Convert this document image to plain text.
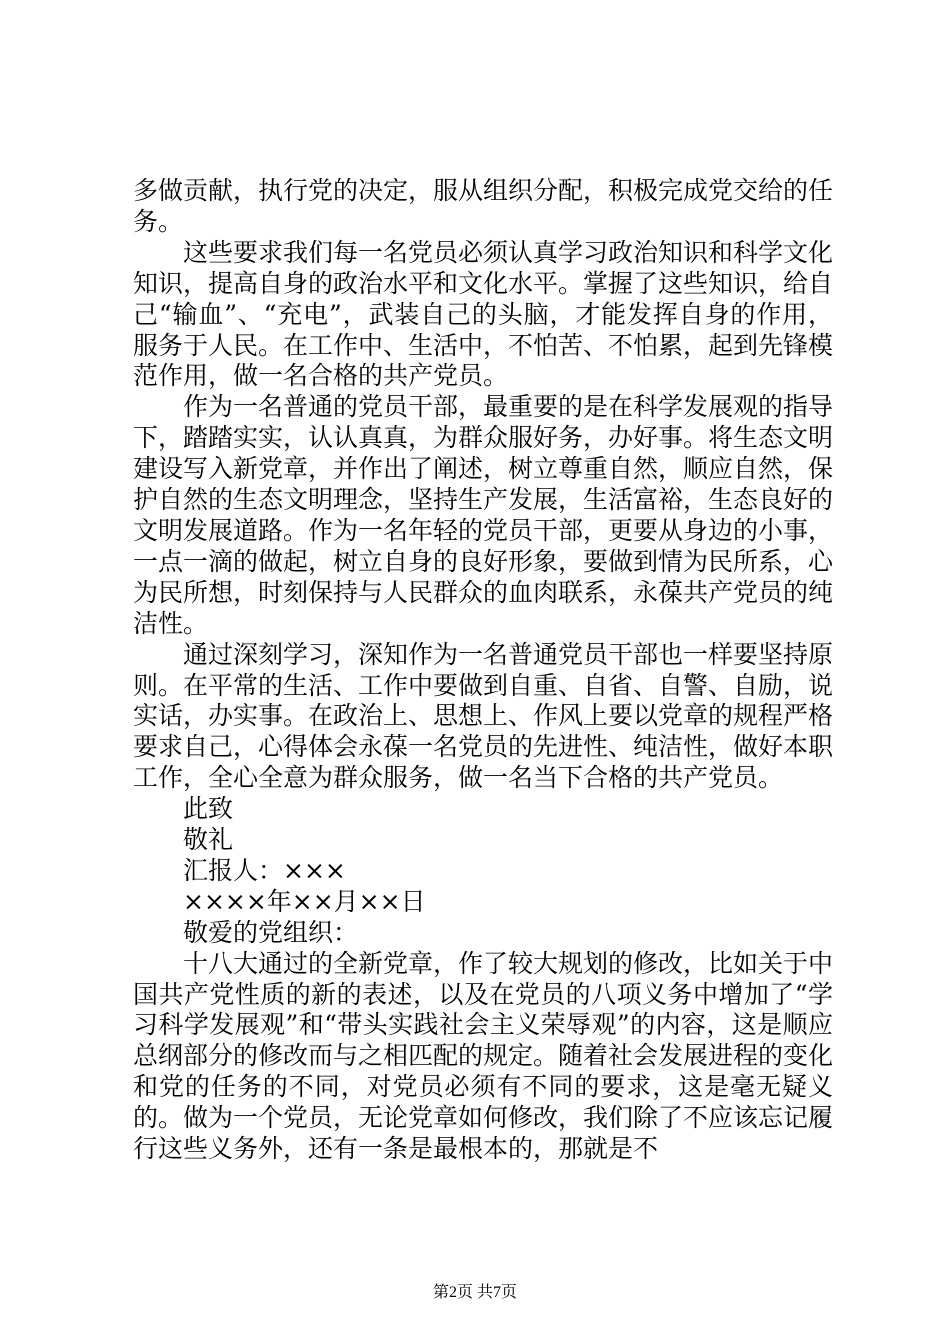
多做贡献，执行党的决定，服从组织分配，积极完成党交给的任务。

这些要求我们每一名党员必须认真学习政治知识和科学文化知识，提高自身的政治水平和文化水平。掌握了这些知识，给自己“输血”、“充电”，武装自己的头脑，才能发挥自身的作用，服务于人民。在工作中、生活中，不怕苦、不怕累，起到先锋模范作用，做一名合格的共产党员。

作为一名普通的党员干部，最重要的是在科学发展观的指导下，踏踏实实，认认真真，为群众服好务，办好事。将生态文明建设写入新党章，并作出了阐述，树立尊重自然，顺应自然，保护自然的生态文明理念，坚持生产发展，生活富裕，生态良好的文明发展道路。作为一名年轻的党员干部，更要从身边的小事，一点一滴的做起，树立自身的良好形象，要做到情为民所系，心为民所想，时刻保持与人民群众的血肉联系，永葆共产党员的纯洁性。

通过深刻学习，深知作为一名普通党员干部也一样要坚持原则。在平常的生活、工作中要做到自重、自省、自警、自励，说实话，办实事。在政治上、思想上、作风上要以党章的规程严格要求自己，心得体会永葆一名党员的先进性、纯洁性，做好本职工作，全心全意为群众服务，做一名当下合格的共产党员。

此致

敬礼

汇报人：×××

××××年××月××日

敬爱的党组织：

十八大通过的全新党章，作了较大规划的修改，比如关于中国共产党性质的新的表述，以及在党员的八项义务中增加了“学习科学发展观”和“带头实践社会主义荣辱观”的内容，这是顺应总纲部分的修改而与之相匹配的规定。随着社会发展进程的变化和党的任务的不同，对党员必须有不同的要求，这是毫无疑义的。做为一个党员，无论党章如何修改，我们除了不应该忘记履行这些义务外，还有一条是最根本的，那就是不

第2页 共7页
